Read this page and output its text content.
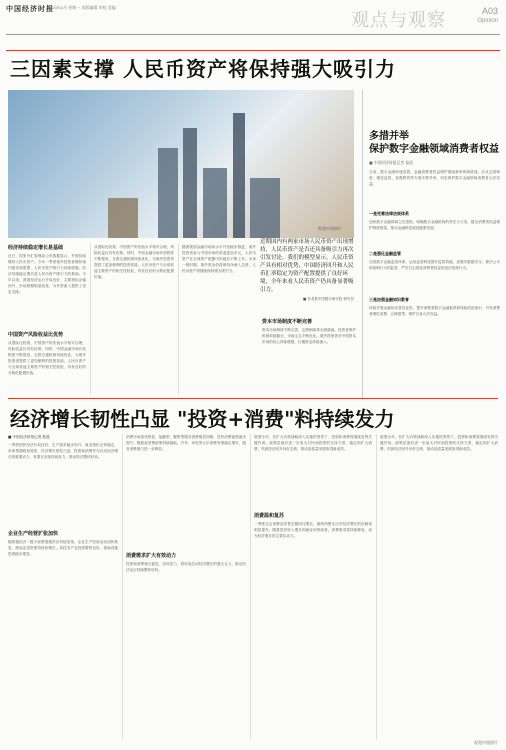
中国经济时报
2023年4月 星期一 本版编辑 审校 美编
观点与观察	A03
Opinion
三因素支撑 人民币资产将保持强大吸引力
视觉中国图片
经济持续稳定增长是基础
近日，国家外汇管理局公布数据显示，外资持续增持人民币资产。今年一季度境外投资者增持境内债券和股票，人民币资产吸引力持续增强。经济持续稳定增长是人民币资产吸引力的基础。今年以来，我国经济运行开局良好，主要指标企稳回升，市场预期明显改善，为外资流入提供了坚实支撑。
中国资产风险收益比优势
从国际比较看，中国资产的估值水平相对合理，风险收益比具有优势。同时，中国金融市场开放程度不断提高，互联互通机制持续优化，为境外投资者提供了更加便利的投资渠道。人民币资产与全球其他主要资产的相关性较低，具有良好的分散化配置价值。
从国际比较看，中国资产的估值水平相对合理，风险收益比具有优势。同时，中国金融市场开放程度不断提高，互联互通机制持续优化，为境外投资者提供了更加便利的投资渠道。人民币资产与全球其他主要资产的相关性较低，具有良好的分散化配置价值。
随着我国金融市场高水平开放稳步推进，境外投资者参与中国市场的渠道更加多元，人民币资产在全球资产配置中的地位不断上升。未来一段时期，境外资金仍将保持净流入态势，人民币资产将继续保持强大吸引力。
近期国内有两家市场人民币资产出现增持，人民币资产是否还具备吸引力再次引发讨论。我们的模型显示，人民币资产具有相对优势，中国经济回升和人民币汇率稳定为资产配置提供了良好环境，全年来看人民币资产仍具备显著吸引力。
■ 作者系中国银行研究院 研究员
资本市场制度不断完善
资本市场制度不断完善，注册制改革全面落地，投资者保护机制持续健全，市场生态不断优化。境外投资者对中国资本市场的信心持续增强，长期资金持续流入。
多措并举
保护数字金融领域消费者权益
■ 中国经济时报记者 报道
当前，数字金融快速发展，金融消费者权益保护面临新形势新挑战。应从完善制度、强化监管、加强教育等方面多措并举，切实保护数字金融领域消费者合法权益。
一是完善法律法规体系
加快数字金融领域立法进程，明确数字金融机构的责任与义务，健全消费者权益保护制度框架，推动金融科技规范健康发展。
二是强化金融监管
完善数字金融监管体系，运用监管科技提升监管效能，加强对数据安全、算法公平和营销行为的监管，严厉打击侵害消费者权益的违法违规行为。
三是加强金融知识教育
持续开展金融知识普及宣传，提升消费者数字金融素养和风险防范意识，引导消费者理性消费、合理借贷，维护自身合法权益。
经济增长韧性凸显 "投资+消费"料持续发力
■ 中国经济时报记者 报道
一季度国民经济开局良好，生产需求稳步回升，就业物价总体稳定，市场预期明显改善，经济增长韧性凸显。投资和消费作为拉动经济增长的重要动力，有望在后续持续发力，推动经济整体好转。
企业生产经营扩张加快
随着稳经济一揽子政策措施效应持续显现，企业生产经营活动加快恢复，制造业投资保持较快增长，高技术产业投资增势良好，基础设施投资稳步推进。
消费市场加快恢复，接触型、聚集型服务消费明显回暖，居民消费意愿逐步提升。随着促消费政策持续落地，汽车、家电等大宗消费有望稳定增长，服务消费潜力进一步释放。
消费需求扩大有效动力
投资和消费相互促进、协同发力，将形成拉动经济增长的强大合力，推动经济运行持续整体好转。
展望全年，在扩大内需战略深入实施的背景下，投资和消费将继续发挥关键作用。政策层面应进一步加大对民间投资的支持力度，稳定和扩大消费，巩固经济回升向好态势，推动高质量发展取得新成效。
消费温和复苏
一季度社会消费品零售总额同比增长，最终消费支出对经济增长的贡献率明显提升。随着居民收入增长和就业形势改善，消费需求将持续释放，成为经济增长的主要拉动力。
展望全年，在扩大内需战略深入实施的背景下，投资和消费将继续发挥关键作用。政策层面应进一步加大对民间投资的支持力度，稳定和扩大消费，巩固经济回升向好态势，推动高质量发展取得新成效。
视觉中国图片
